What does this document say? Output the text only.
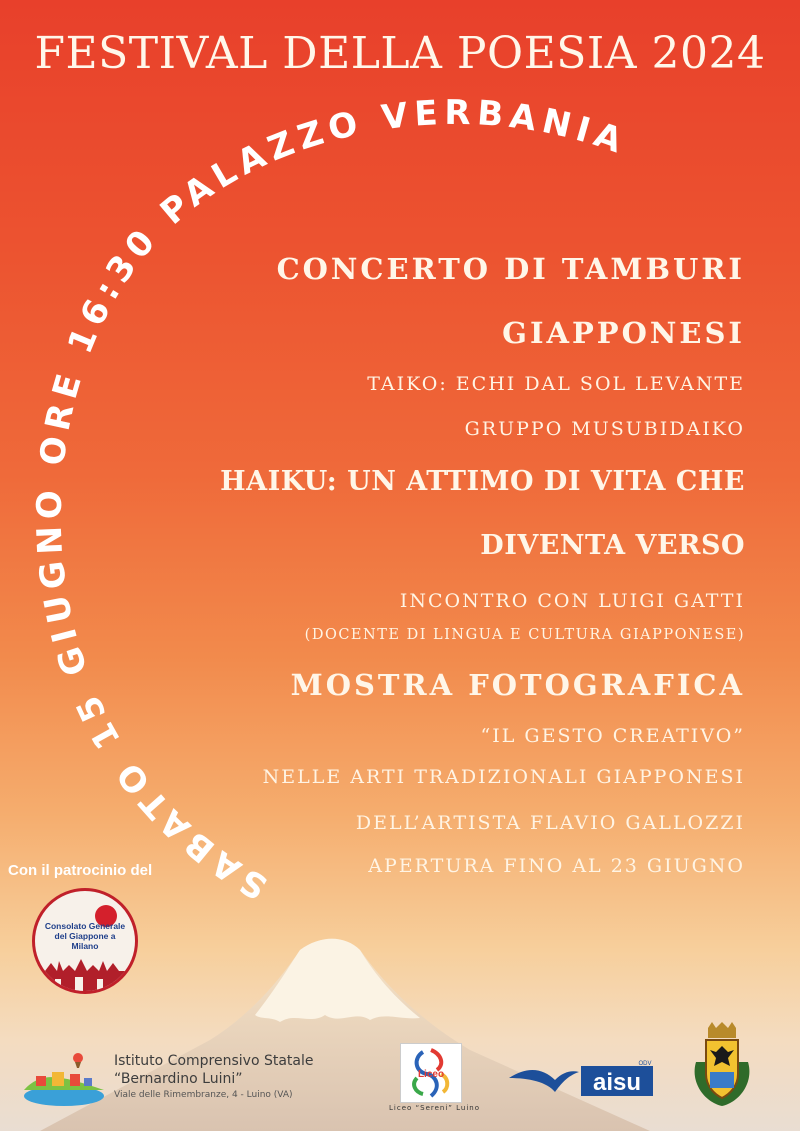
FESTIVAL DELLA POESIA 2024
SABATO 15 GIUGNO ORE 16:30 PALAZZO VERBANIA
CONCERTO DI TAMBURI
GIAPPONESI
TAIKO: ECHI DAL SOL LEVANTE
GRUPPO MUSUBIDAIKO
HAIKU: UN ATTIMO DI VITA CHE
DIVENTA VERSO
INCONTRO CON LUIGI GATTI
(DOCENTE DI LINGUA E CULTURA GIAPPONESE)
MOSTRA FOTOGRAFICA
“IL GESTO CREATIVO”
NELLE ARTI TRADIZIONALI GIAPPONESI
DELL’ARTISTA FLAVIO GALLOZZI
APERTURA FINO AL 23 GIUGNO
Con il patrocinio del
Consolato Generale del Giappone a Milano
Istituto Comprensivo Statale
“Bernardino Luini”
Viale delle Rimembranze, 4 - Luino (VA)
Liceo
Liceo “Sereni” Luino
aisu
ODV
